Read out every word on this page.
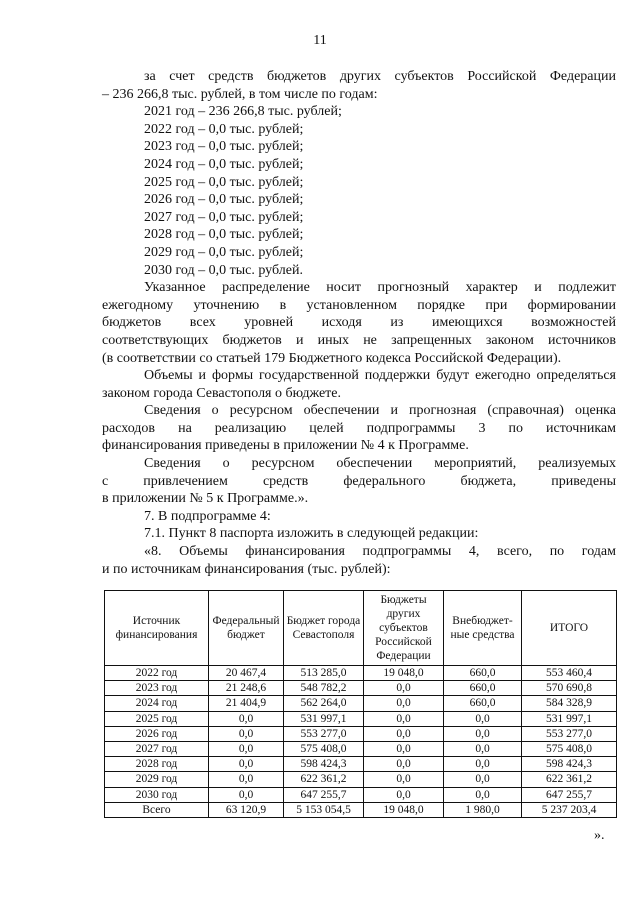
11
за счет средств бюджетов других субъектов Российской Федерации
– 236 266,8 тыс. рублей, в том числе по годам:
2021 год – 236 266,8 тыс. рублей;
2022 год – 0,0 тыс. рублей;
2023 год – 0,0 тыс. рублей;
2024 год – 0,0 тыс. рублей;
2025 год – 0,0 тыс. рублей;
2026 год – 0,0 тыс. рублей;
2027 год – 0,0 тыс. рублей;
2028 год – 0,0 тыс. рублей;
2029 год – 0,0 тыс. рублей;
2030 год – 0,0 тыс. рублей.
Указанное распределение носит прогнозный характер и подлежит
ежегодному уточнению в установленном порядке при формировании
бюджетов всех уровней исходя из имеющихся возможностей
соответствующих бюджетов и иных не запрещенных законом источников
(в соответствии со статьей 179 Бюджетного кодекса Российской Федерации).
Объемы и формы государственной поддержки будут ежегодно определяться
законом города Севастополя о бюджете.
Сведения о ресурсном обеспечении и прогнозная (справочная) оценка
расходов на реализацию целей подпрограммы 3 по источникам
финансирования приведены в приложении № 4 к Программе.
Сведения о ресурсном обеспечении мероприятий, реализуемых
с привлечением средств федерального бюджета, приведены
в приложении № 5 к Программе.».
7. В подпрограмме 4:
7.1. Пункт 8 паспорта изложить в следующей редакции:
«8. Объемы финансирования подпрограммы 4, всего, по годам
и по источникам финансирования (тыс. рублей):
Источник финансирования	Федеральный бюджет	Бюджет города Севастополя	Бюджеты других субъектов Российской Федерации	Внебюджет-ные средства	ИТОГО
2022 год	20 467,4	513 285,0	19 048,0	660,0	553 460,4
2023 год	21 248,6	548 782,2	0,0	660,0	570 690,8
2024 год	21 404,9	562 264,0	0,0	660,0	584 328,9
2025 год	0,0	531 997,1	0,0	0,0	531 997,1
2026 год	0,0	553 277,0	0,0	0,0	553 277,0
2027 год	0,0	575 408,0	0,0	0,0	575 408,0
2028 год	0,0	598 424,3	0,0	0,0	598 424,3
2029 год	0,0	622 361,2	0,0	0,0	622 361,2
2030 год	0,0	647 255,7	0,0	0,0	647 255,7
Всего	63 120,9	5 153 054,5	19 048,0	1 980,0	5 237 203,4
».
